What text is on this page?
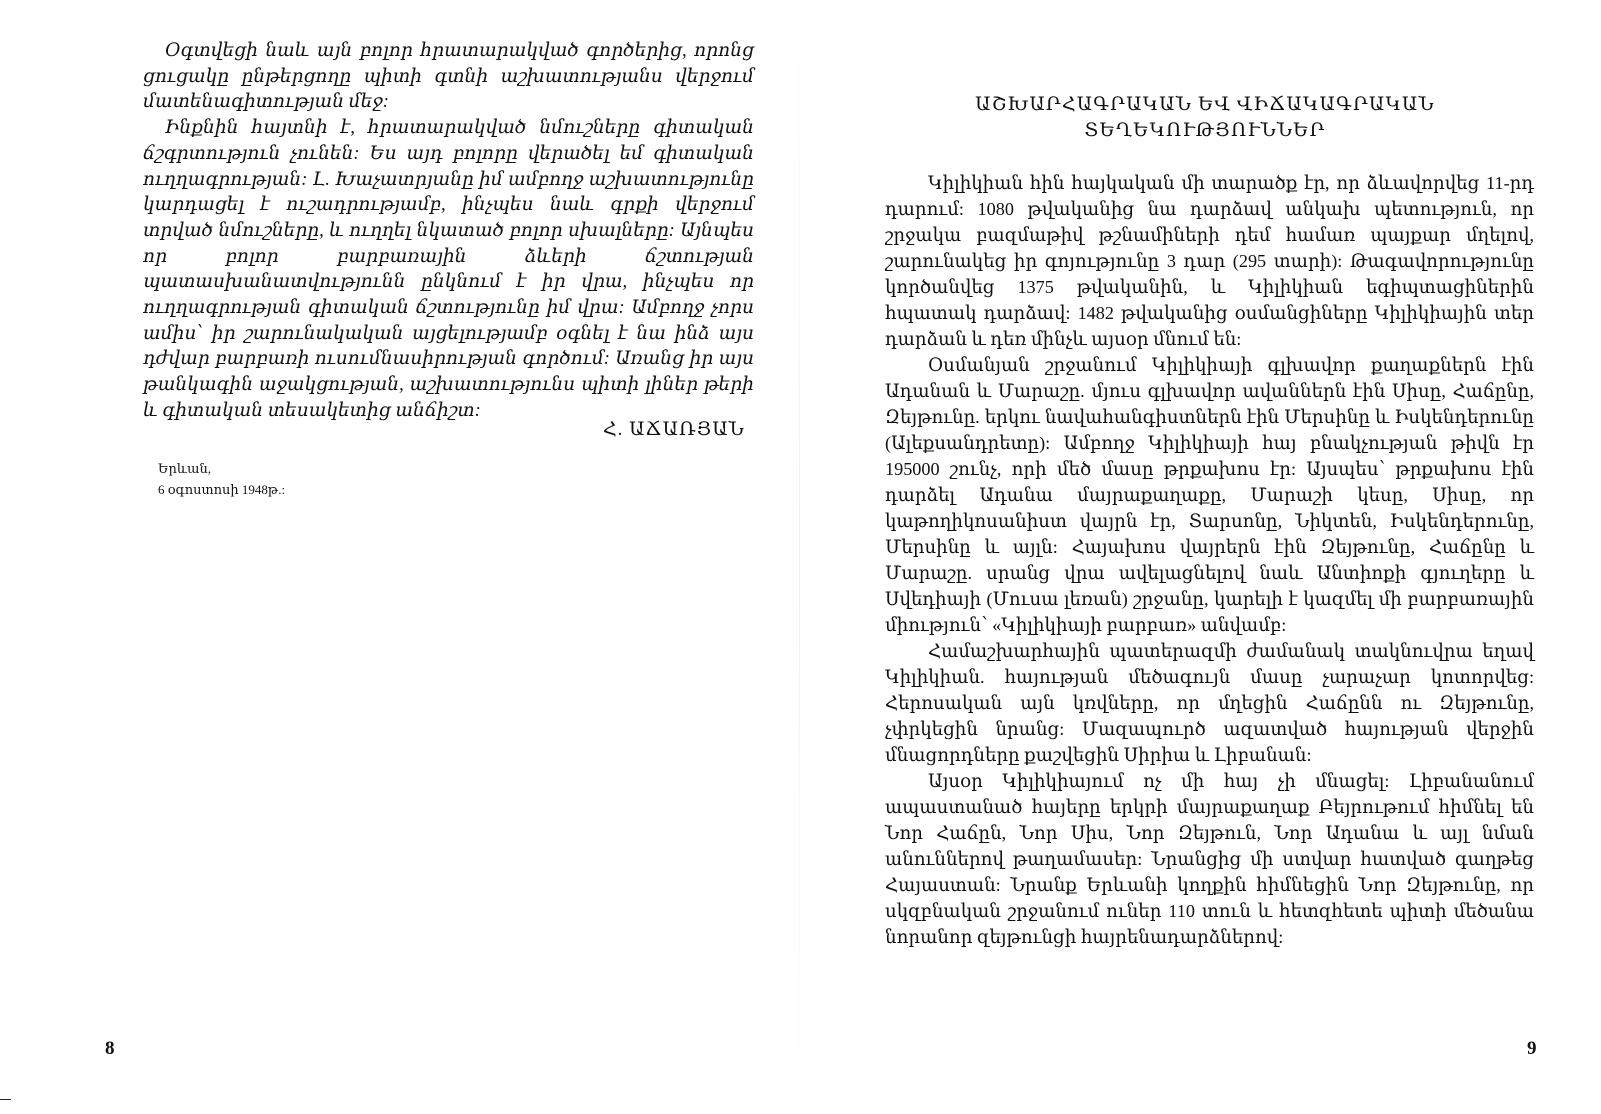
Օգտվեցի նաև այն բոլոր հրատարակված գործերից, որոնց ցուցակը ընթերցողը պիտի գտնի աշխատությանս վերջում մատենագիտության մեջ:

Ինքնին հայտնի է, հրատարակված նմուշները գիտական ճշգրտություն չունեն: Ես այդ բոլորը վերածել եմ գիտական ուղղագրության: Լ. Խաչատրյանը իմ ամբողջ աշխատությունը կարդացել է ուշադրությամբ, ինչպես նաև գրքի վերջում տրված նմուշները, և ուղղել նկատած բոլոր սխալները: Այնպես որ բոլոր բարբառային ձևերի ճշտության պատասխանատվությունն ընկնում է իր վրա, ինչպես որ ուղղագրության գիտական ճշտությունը իմ վրա: Ամբողջ չորս ամիս՝ իր շարունակական այցելությամբ օգնել է նա ինձ այս դժվար բարբառի ուսումնասիրության գործում: Առանց իր այս թանկագին աջակցության, աշխատությունս պիտի լիներ թերի և գիտական տեսակետից անճիշտ:

Հ. ԱՃԱՌՅԱՆ
Երևան,
6 օգոստոսի 1948թ.:
8
ԱՇԽԱՐՀԱԳՐԱԿԱՆ ԵՎ ՎԻՃԱԿԱԳՐԱԿԱՆ
ՏԵՂԵԿՈՒԹՅՈՒՆՆԵՐ

Կիլիկիան հին հայկական մի տարածք էր, որ ձևավորվեց 11-րդ դարում: 1080 թվականից նա դարձավ անկախ պետություն, որ շրջակա բազմաթիվ թշնամիների դեմ համառ պայքար մղելով, շարունակեց իր գոյությունը 3 դար (295 տարի): Թագավորությունը կործանվեց 1375 թվականին, և Կիլիկիան եգիպտացիներին հպատակ դարձավ: 1482 թվականից օսմանցիները Կիլիկիային տեր դարձան և դեռ մինչև այսօր մնում են:

Օսմանյան շրջանում Կիլիկիայի գլխավոր քաղաքներն էին Ադանան և Մարաշը. մյուս գլխավոր ավաններն էին Սիսը, Հաճընը, Զեյթունը. երկու նավահանգիստներն էին Մերսինը և Իսկենդերունը (Ալեքսանդրետը): Ամբողջ Կիլիկիայի հայ բնակչության թիվն էր 195000 շունչ, որի մեծ մասը թրքախոս էր: Այսպես՝ թրքախոս էին դարձել Ադանա մայրաքաղաքը, Մարաշի կեսը, Սիսը, որ կաթողիկոսանիստ վայրն էր, Տարսոնը, Նիկտեն, Իսկենդերունը, Մերսինը և այլն: Հայախոս վայրերն էին Զեյթունը, Հաճընը և Մարաշը. սրանց վրա ավելացնելով նաև Անտիոքի գյուղերը և Սվեդիայի (Մուսա լեռան) շրջանը, կարելի է կազմել մի բարբառային միություն՝ «Կիլիկիայի բարբառ» անվամբ:

Համաշխարհային պատերազմի ժամանակ տակնուվրա եղավ Կիլիկիան. հայության մեծագույն մասը չարաչար կոտորվեց: Հերոսական այն կռվները, որ մղեցին Հաճընն ու Զեյթունը, չփրկեցին նրանց: Մազապուրծ ազատված հայության վերջին մնացորդները քաշվեցին Սիրիա և Լիբանան:

Այսօր Կիլիկիայում ոչ մի հայ չի մնացել: Լիբանանում ապաստանած հայերը երկրի մայրաքաղաք Բեյրութում հիմնել են Նոր Հաճըն, Նոր Սիս, Նոր Զեյթուն, Նոր Ադանա և այլ նման անուններով թաղամասեր: Նրանցից մի ստվար հատված գաղթեց Հայաստան: Նրանք Երևանի կողքին հիմնեցին Նոր Զեյթունը, որ սկզբնական շրջանում ուներ 110 տուն և հետզհետե պիտի մեծանա նորանոր զեյթունցի հայրենադարձներով:

9
